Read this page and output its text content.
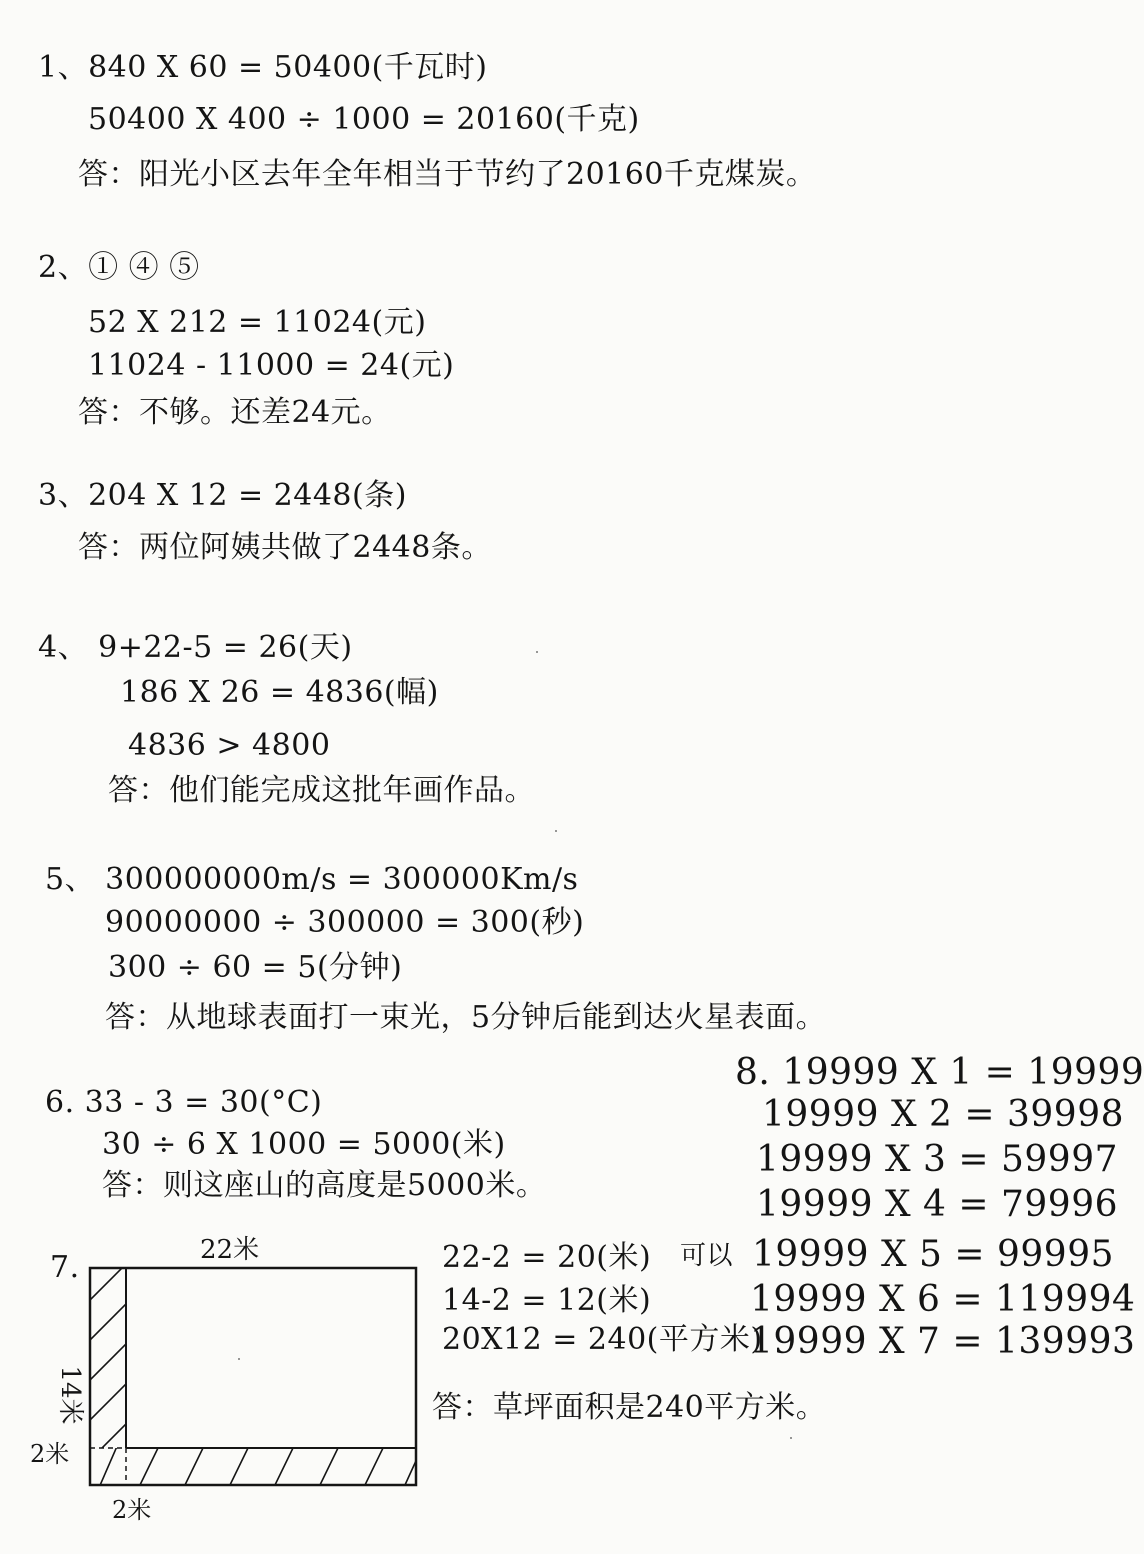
1、840 X 60 = 50400(千瓦时)
50400 X 400 ÷ 1000 = 20160(千克)
答：阳光小区去年全年相当于节约了20160千克煤炭。
2、① ④ ⑤
52 X 212 = 11024(元)
11024 - 11000 = 24(元)
答：不够。还差24元。
3、204 X 12 = 2448(条)
答：两位阿姨共做了2448条。
4、 9+22-5 = 26(天)
186 X 26 = 4836(幅)
4836 > 4800
答：他们能完成这批年画作品。
5、 300000000m/s = 300000Km/s
90000000 ÷ 300000 = 300(秒)
300 ÷ 60 = 5(分钟)
答：从地球表面打一束光，5分钟后能到达火星表面。
6. 33 - 3 = 30(°C)
30 ÷ 6 X 1000 = 5000(米)
答：则这座山的高度是5000米。
7.	22米
14米
2米
2米
22-2 = 20(米)
14-2 = 12(米)
20X12 = 240(平方米)
答：草坪面积是240平方米。
8. 19999 X 1 = 19999
19999 X 2 = 39998
19999 X 3 = 59997
19999 X 4 = 79996
可以 19999 X 5 = 99995
19999 X 6 = 119994
19999 X 7 = 139993
